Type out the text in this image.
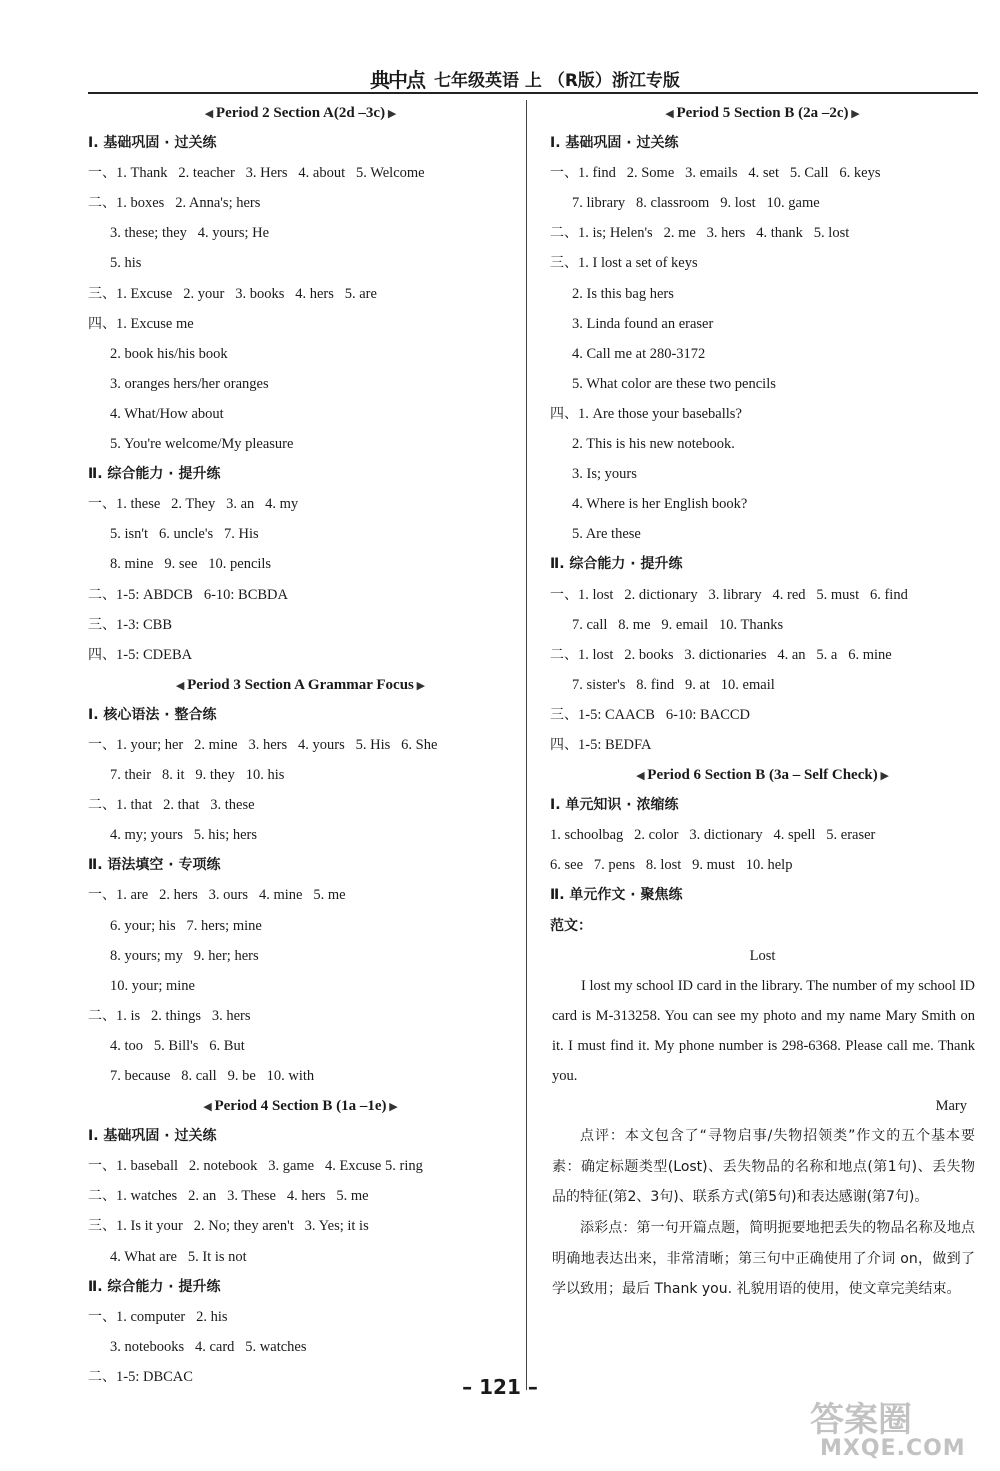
典中点 七年级英语 上 （R版）浙江专版
◀ Period 2 Section A(2d –3c) ▶
Ⅰ. 基础巩固 · 过关练
一、1. Thank   2. teacher   3. Hers   4. about   5. Welcome
二、1. boxes   2. Anna's; hers
3. these; they   4. yours; He
5. his
三、1. Excuse   2. your   3. books   4. hers   5. are
四、1. Excuse me
2. book his/his book
3. oranges hers/her oranges
4. What/How about
5. You're welcome/My pleasure
Ⅱ. 综合能力 · 提升练
一、1. these   2. They   3. an   4. my
5. isn't   6. uncle's   7. His
8. mine   9. see   10. pencils
二、1-5: ABDCB   6-10: BCBDA
三、1-3: CBB
四、1-5: CDEBA
◀ Period 3 Section A Grammar Focus ▶
Ⅰ. 核心语法 · 整合练
一、1. your; her   2. mine   3. hers   4. yours   5. His   6. She
7. their   8. it   9. they   10. his
二、1. that   2. that   3. these
4. my; yours   5. his; hers
Ⅱ. 语法填空 · 专项练
一、1. are   2. hers   3. ours   4. mine   5. me
6. your; his   7. hers; mine
8. yours; my   9. her; hers
10. your; mine
二、1. is   2. things   3. hers
4. too   5. Bill's   6. But
7. because   8. call   9. be   10. with
◀ Period 4 Section B (1a –1e) ▶
Ⅰ. 基础巩固 · 过关练
一、1. baseball   2. notebook   3. game   4. Excuse 5. ring
二、1. watches   2. an   3. These   4. hers   5. me
三、1. Is it your   2. No; they aren't   3. Yes; it is
4. What are   5. It is not
Ⅱ. 综合能力 · 提升练
一、1. computer   2. his
3. notebooks   4. card   5. watches
二、1-5: DBCAC
◀ Period 5 Section B (2a –2c) ▶
Ⅰ. 基础巩固 · 过关练
一、1. find   2. Some   3. emails   4. set   5. Call   6. keys
7. library   8. classroom   9. lost   10. game
二、1. is; Helen's   2. me   3. hers   4. thank   5. lost
三、1. I lost a set of keys
2. Is this bag hers
3. Linda found an eraser
4. Call me at 280-3172
5. What color are these two pencils
四、1. Are those your baseballs?
2. This is his new notebook.
3. Is; yours
4. Where is her English book?
5. Are these
Ⅱ. 综合能力 · 提升练
一、1. lost   2. dictionary   3. library   4. red   5. must   6. find
7. call   8. me   9. email   10. Thanks
二、1. lost   2. books   3. dictionaries   4. an   5. a   6. mine
7. sister's   8. find   9. at   10. email
三、1-5: CAACB   6-10: BACCD
四、1-5: BEDFA
◀ Period 6 Section B (3a – Self Check) ▶
Ⅰ. 单元知识 · 浓缩练
1. schoolbag   2. color   3. dictionary   4. spell   5. eraser
6. see   7. pens   8. lost   9. must   10. help
Ⅱ. 单元作文 · 聚焦练
范文：
Lost

I lost my school ID card in the library. The number of my school ID card is M-313258. You can see my photo and my name Mary Smith on it. I must find it. My phone number is 298-6368. Please call me. Thank you.

Mary

点评：本文包含了“寻物启事/失物招领类”作文的五个基本要素：确定标题类型(Lost)、丢失物品的名称和地点(第1句)、丢失物品的特征(第2、3句)、联系方式(第5句)和表达感谢(第7句)。

添彩点：第一句开篇点题，简明扼要地把丢失的物品名称及地点明确地表达出来，非常清晰；第三句中正确使用了介词 on，做到了学以致用；最后 Thank you. 礼貌用语的使用，使文章完美结束。

– 121 –
答案圈
MXQE.COM
